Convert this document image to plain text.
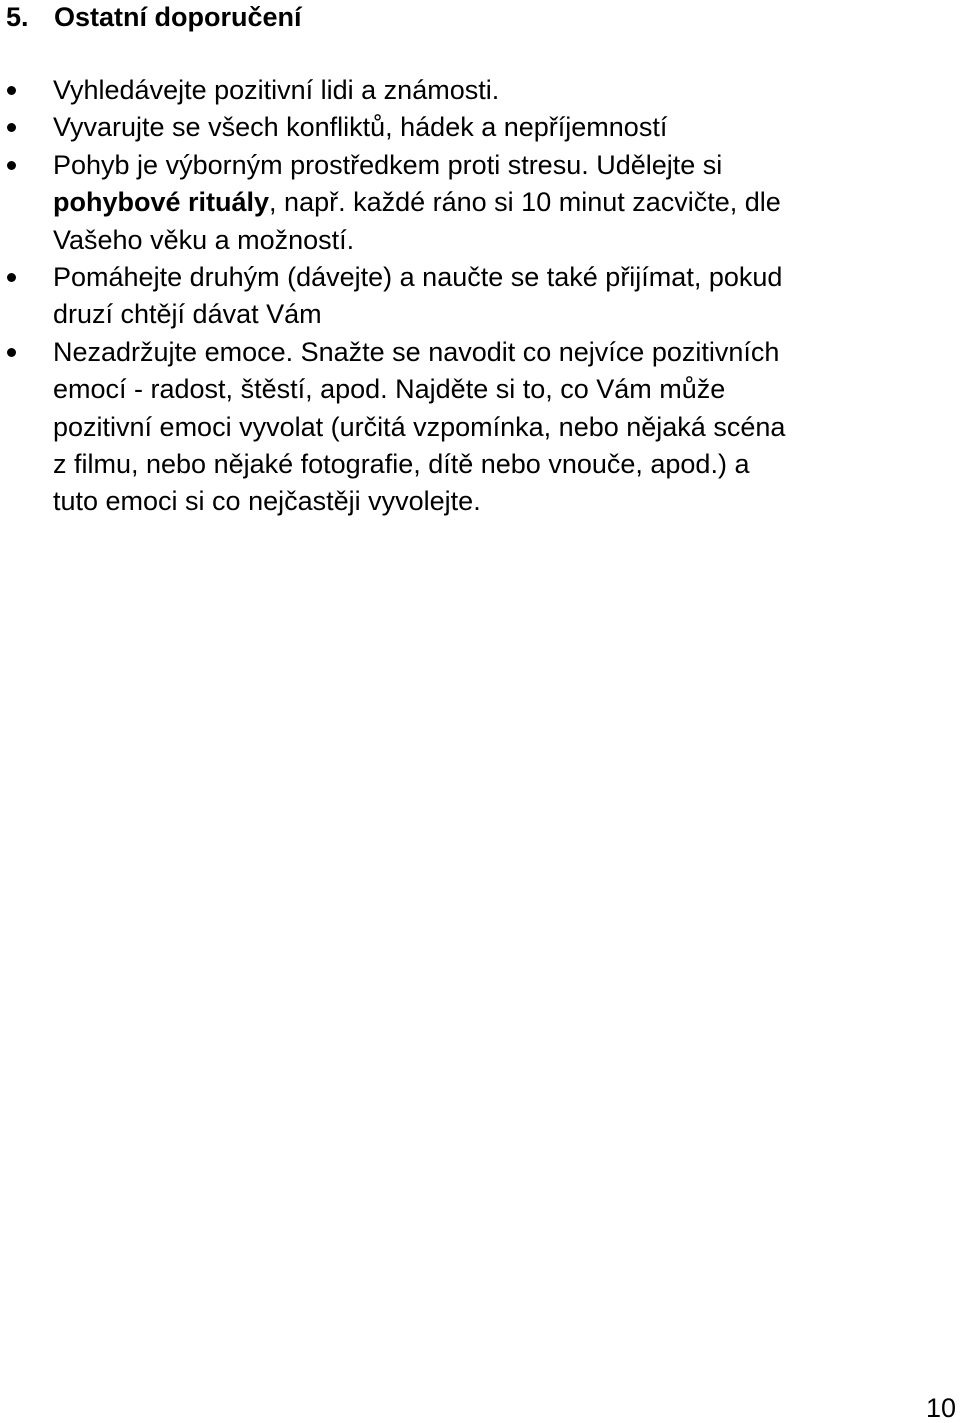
5. Ostatní doporučení
Vyhledávejte pozitivní lidi a známosti.
Vyvarujte se všech konfliktů, hádek a nepříjemností
Pohyb je výborným prostředkem proti stresu. Udělejte si
pohybové rituály, např. každé ráno si 10 minut zacvičte, dle
Vašeho věku a možností.
Pomáhejte druhým (dávejte) a naučte se také přijímat, pokud
druzí chtějí dávat Vám
Nezadržujte emoce. Snažte se navodit co nejvíce pozitivních
emocí - radost, štěstí, apod. Najděte si to, co Vám může
pozitivní emoci vyvolat (určitá vzpomínka, nebo nějaká scéna
z filmu, nebo nějaké fotografie, dítě nebo vnouče, apod.) a
tuto emoci si co nejčastěji vyvolejte.
10
